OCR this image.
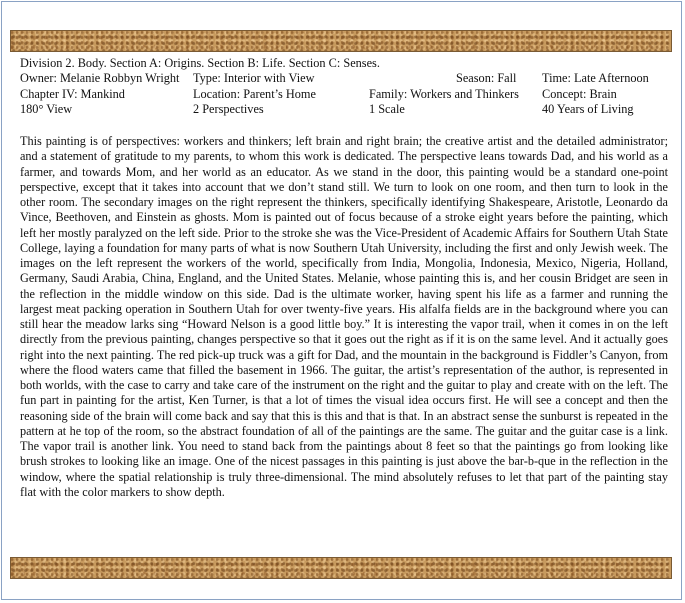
Division 2. Body. Section A: Origins. Section B: Life. Section C: Senses.
Owner: Melanie Robbyn Wright Type: Interior with View	Season: Fall Time: Late Afternoon
Chapter IV: Mankind	Location: Parent’s Home	Family: Workers and Thinkers Concept: Brain
180° View	2 Perspectives	1 Scale	40 Years of Living

This painting is of perspectives: workers and thinkers; left brain and right brain; the creative artist and the detailed administrator; and a statement of gratitude to my parents, to whom this work is dedicated. The perspective leans towards Dad, and his world as a farmer, and towards Mom, and her world as an educator. As we stand in the door, this painting would be a standard one-point perspective, except that it takes into account that we don’t stand still. We turn to look on one room, and then turn to look in the other room. The secondary images on the right represent the thinkers, specifically identifying Shakespeare, Aristotle, Leonardo da Vince, Beethoven, and Einstein as ghosts. Mom is painted out of focus because of a stroke eight years before the painting, which left her mostly paralyzed on the left side. Prior to the stroke she was the Vice-President of Academic Affairs for Southern Utah State College, laying a foundation for many parts of what is now Southern Utah University, including the first and only Jewish week. The images on the left represent the workers of the world, specifically from India, Mongolia, Indonesia, Mexico, Nigeria, Holland, Germany, Saudi Arabia, China, England, and the United States. Melanie, whose painting this is, and her cousin Bridget are seen in the reflection in the middle window on this side. Dad is the ultimate worker, having spent his life as a farmer and running the largest meat packing operation in Southern Utah for over twenty-five years. His alfalfa fields are in the background where you can still hear the meadow larks sing “Howard Nelson is a good little boy.” It is interesting the vapor trail, when it comes in on the left directly from the previous painting, changes perspective so that it goes out the right as if it is on the same level. And it actually goes right into the next painting. The red pick-up truck was a gift for Dad, and the mountain in the background is Fiddler’s Canyon, from where the flood waters came that filled the basement in 1966. The guitar, the artist’s representation of the author, is represented in both worlds, with the case to carry and take care of the instrument on the right and the guitar to play and create with on the left. The fun part in painting for the artist, Ken Turner, is that a lot of times the visual idea occurs first. He will see a concept and then the reasoning side of the brain will come back and say that this is this and that is that. In an abstract sense the sunburst is repeated in the pattern at he top of the room, so the abstract foundation of all of the paintings are the same. The guitar and the guitar case is a link. The vapor trail is another link. You need to stand back from the paintings about 8 feet so that the paintings go from looking like brush strokes to looking like an image. One of the nicest passages in this painting is just above the bar-b-que in the reflection in the window, where the spatial relationship is truly three-dimensional. The mind absolutely refuses to let that part of the painting stay flat with the color markers to show depth.
